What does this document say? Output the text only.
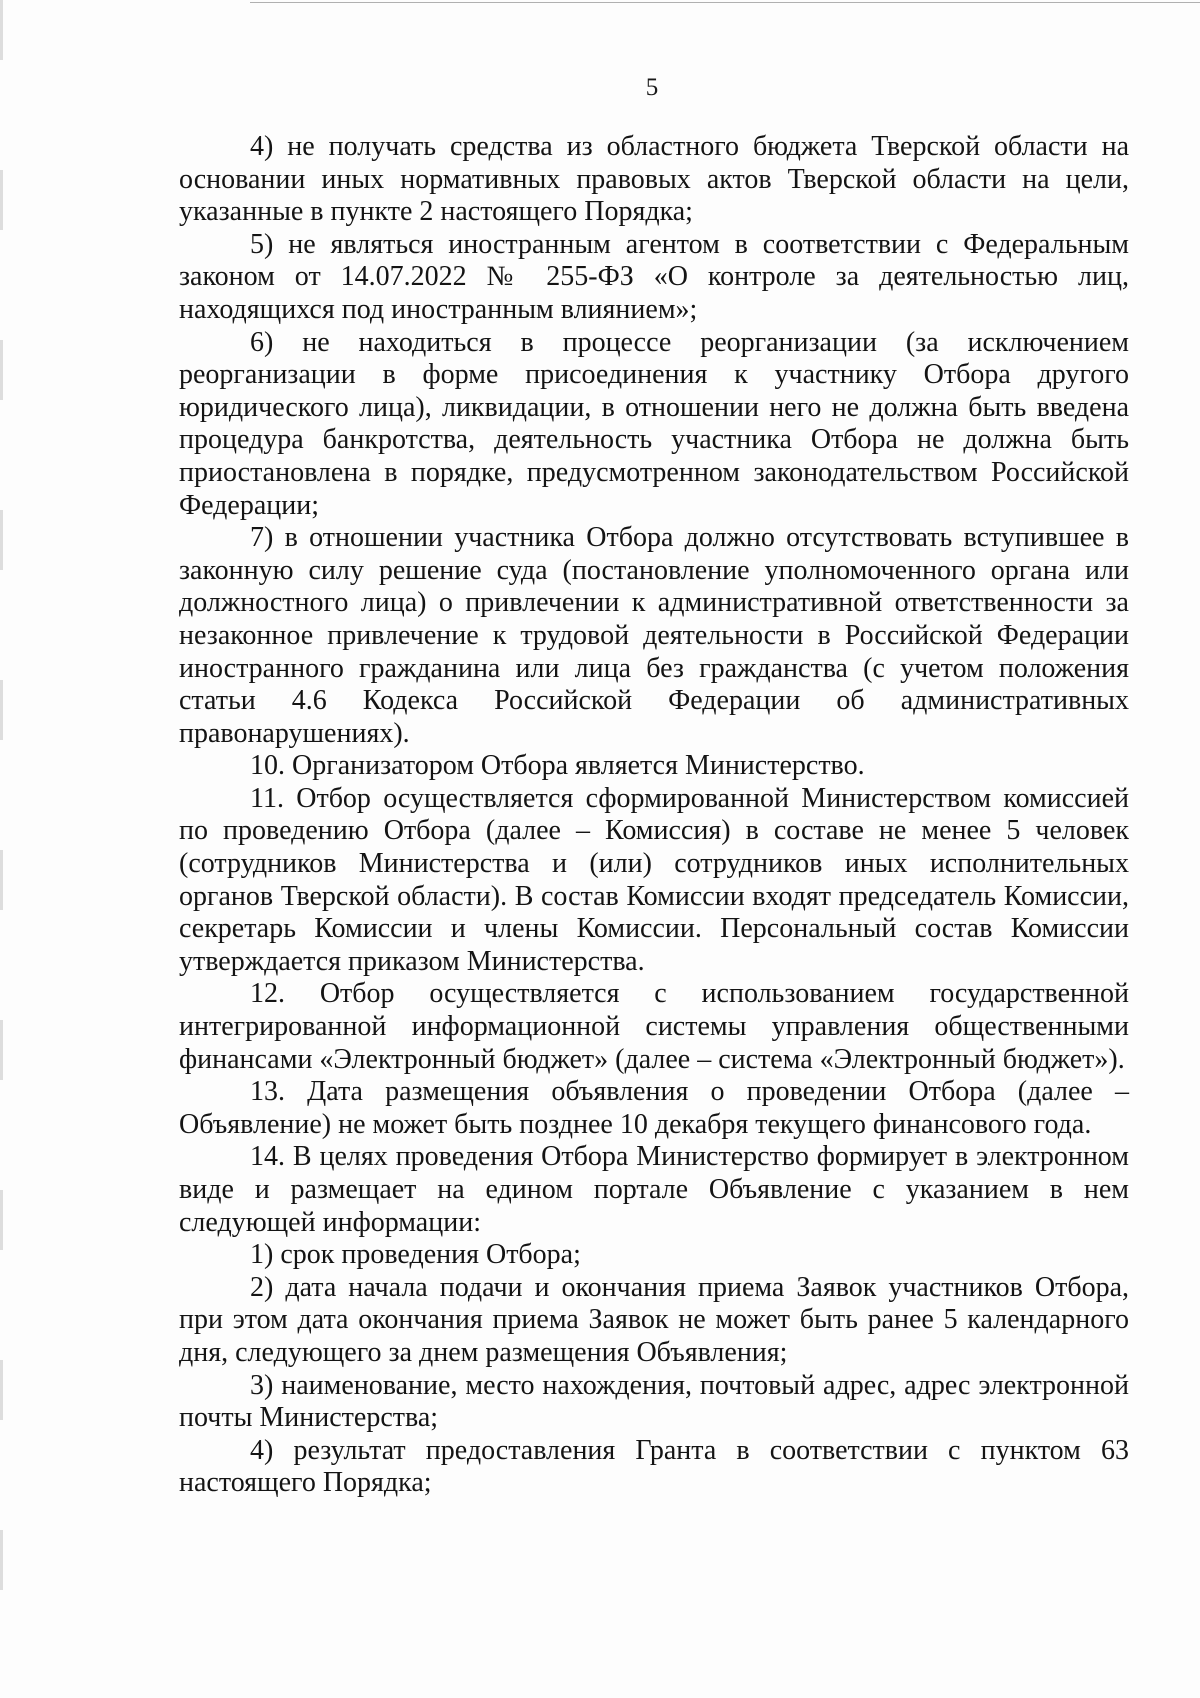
5

4) не получать средства из областного бюджета Тверской области на основании иных нормативных правовых актов Тверской области на цели, указанные в пункте 2 настоящего Порядка;

5) не являться иностранным агентом в соответствии с Федеральным законом от 14.07.2022 № 255-ФЗ «О контроле за деятельностью лиц, находящихся под иностранным влиянием»;

6) не находиться в процессе реорганизации (за исключением реорганизации в форме присоединения к участнику Отбора другого юридического лица), ликвидации, в отношении него не должна быть введена процедура банкротства, деятельность участника Отбора не должна быть приостановлена в порядке, предусмотренном законодательством Российской Федерации;

7) в отношении участника Отбора должно отсутствовать вступившее в законную силу решение суда (постановление уполномоченного органа или должностного лица) о привлечении к административной ответственности за незаконное привлечение к трудовой деятельности в Российской Федерации иностранного гражданина или лица без гражданства (с учетом положения статьи 4.6 Кодекса Российской Федерации об административных правонарушениях).

10. Организатором Отбора является Министерство.

11. Отбор осуществляется сформированной Министерством комиссией по проведению Отбора (далее – Комиссия) в составе не менее 5 человек (сотрудников Министерства и (или) сотрудников иных исполнительных органов Тверской области). В состав Комиссии входят председатель Комиссии, секретарь Комиссии и члены Комиссии. Персональный состав Комиссии утверждается приказом Министерства.

12. Отбор осуществляется с использованием государственной интегрированной информационной системы управления общественными финансами «Электронный бюджет» (далее – система «Электронный бюджет»).

13. Дата размещения объявления о проведении Отбора (далее – Объявление) не может быть позднее 10 декабря текущего финансового года.

14. В целях проведения Отбора Министерство формирует в электронном виде и размещает на едином портале Объявление с указанием в нем следующей информации:

1) срок проведения Отбора;

2) дата начала подачи и окончания приема Заявок участников Отбора, при этом дата окончания приема Заявок не может быть ранее 5 календарного дня, следующего за днем размещения Объявления;

3) наименование, место нахождения, почтовый адрес, адрес электронной почты Министерства;

4) результат предоставления Гранта в соответствии с пунктом 63 настоящего Порядка;
